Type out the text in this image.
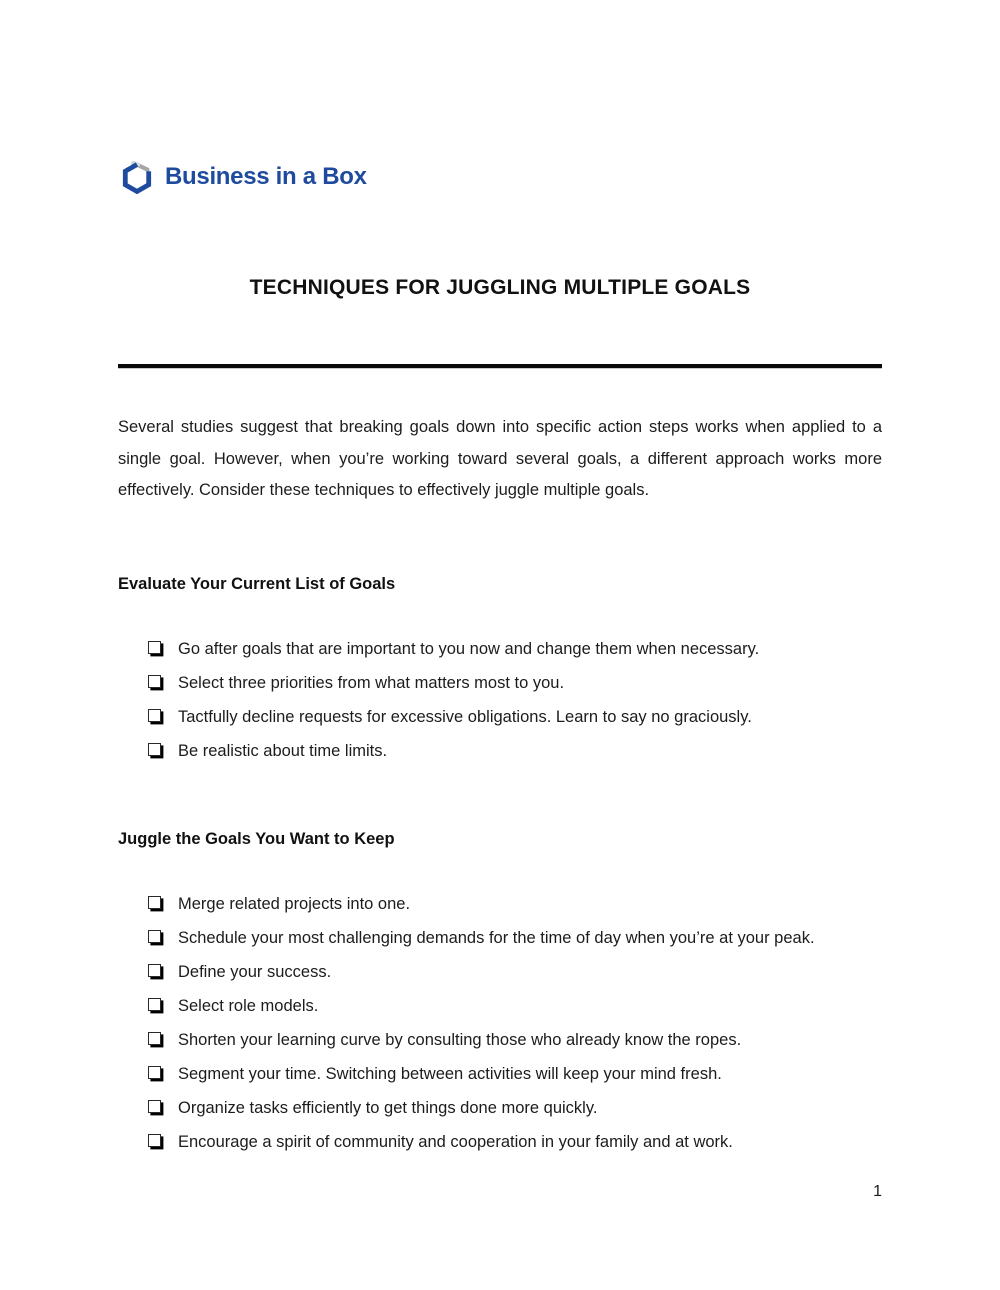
Business in a Box
TECHNIQUES FOR JUGGLING MULTIPLE GOALS

Several studies suggest that breaking goals down into specific action steps works when applied to a single goal. However, when you’re working toward several goals, a different approach works more effectively. Consider these techniques to effectively juggle multiple goals.

Evaluate Your Current List of Goals
Go after goals that are important to you now and change them when necessary.
Select three priorities from what matters most to you.
Tactfully decline requests for excessive obligations. Learn to say no graciously.
Be realistic about time limits.
Juggle the Goals You Want to Keep
Merge related projects into one.
Schedule your most challenging demands for the time of day when you’re at your peak.
Define your success.
Select role models.
Shorten your learning curve by consulting those who already know the ropes.
Segment your time. Switching between activities will keep your mind fresh.
Organize tasks efficiently to get things done more quickly.
Encourage a spirit of community and cooperation in your family and at work.
1
